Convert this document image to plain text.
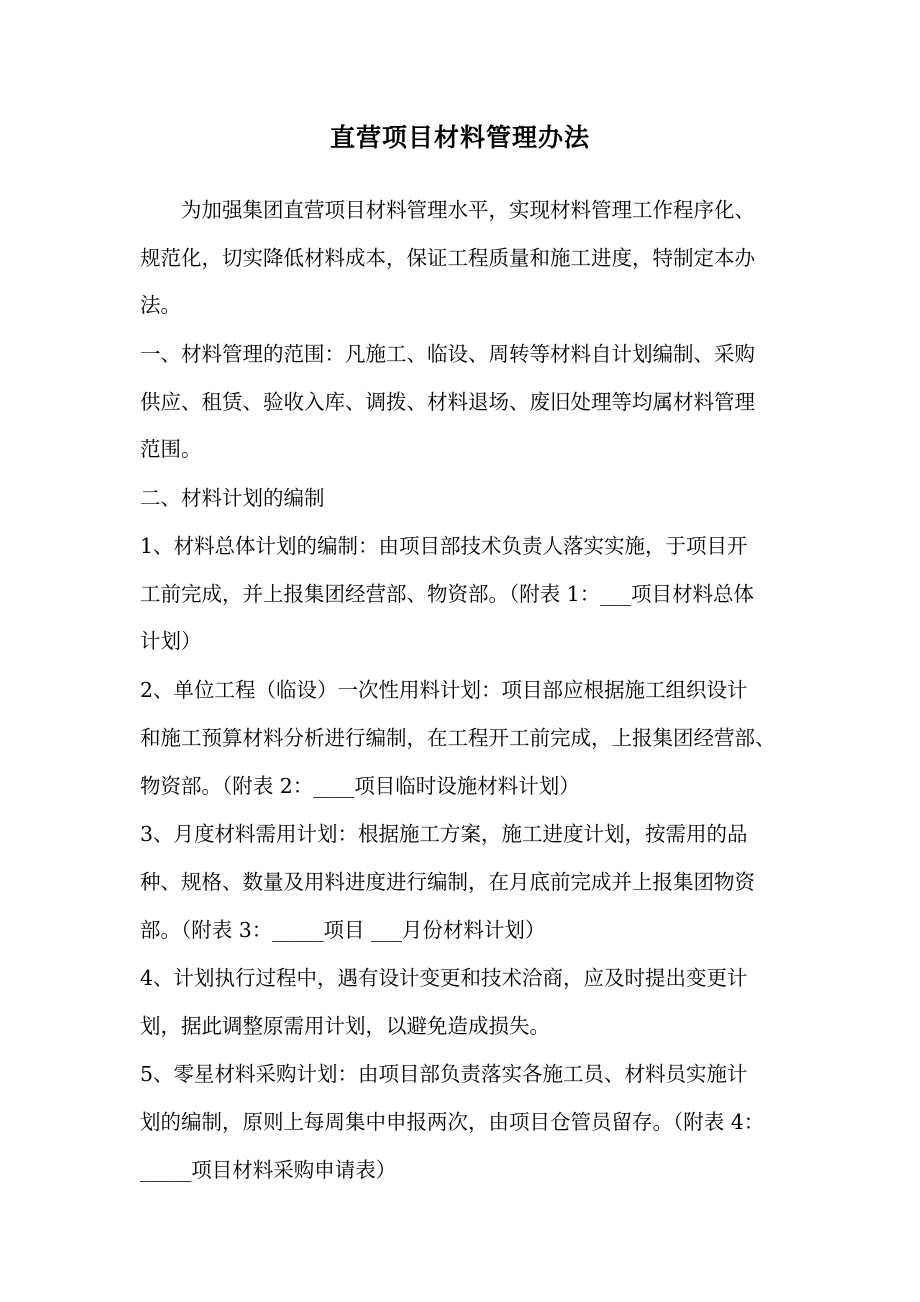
直营项目材料管理办法
　　为加强集团直营项目材料管理水平，实现材料管理工作程序化、
规范化，切实降低材料成本，保证工程质量和施工进度，特制定本办
法。
一、材料管理的范围：凡施工、临设、周转等材料自计划编制、采购
供应、租赁、验收入库、调拨、材料退场、废旧处理等均属材料管理
范围。
二、材料计划的编制
1、材料总体计划的编制：由项目部技术负责人落实实施，于项目开
工前完成，并上报集团经营部、物资部。（附表 1：___项目材料总体
计划）
2、单位工程（临设）一次性用料计划：项目部应根据施工组织设计
和施工预算材料分析进行编制，在工程开工前完成，上报集团经营部、
物资部。（附表 2：____项目临时设施材料计划）
3、月度材料需用计划：根据施工方案，施工进度计划，按需用的品
种、规格、数量及用料进度进行编制，在月底前完成并上报集团物资
部。（附表 3：_____项目 ___月份材料计划）
4、计划执行过程中，遇有设计变更和技术洽商，应及时提出变更计
划，据此调整原需用计划，以避免造成损失。
5、零星材料采购计划：由项目部负责落实各施工员、材料员实施计
划的编制，原则上每周集中申报两次，由项目仓管员留存。（附表 4：
_____项目材料采购申请表）
